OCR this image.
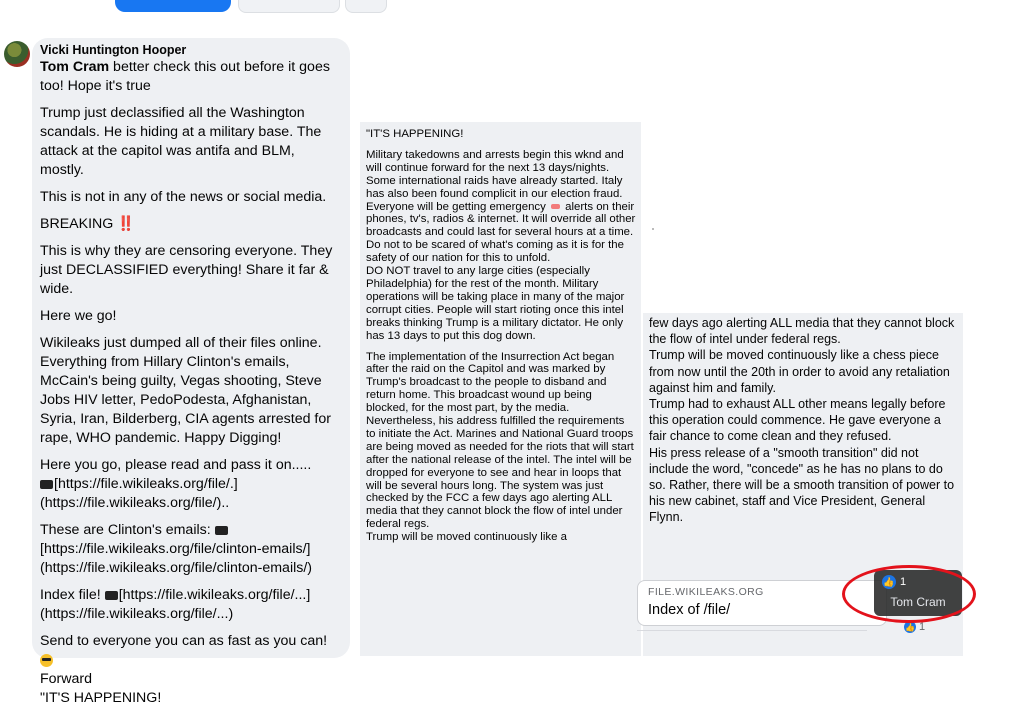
Vicki Huntington Hooper

Tom Cram better check this out before it goes too! Hope it's true

Trump just declassified all the Washington scandals. He is hiding at a military base. The attack at the capitol was antifa and BLM, mostly.

This is not in any of the news or social media.

BREAKING ‼️

This is why they are censoring everyone. They just DECLASSIFIED everything! Share it far & wide.

Here we go!

Wikileaks just dumped all of their files online. Everything from Hillary Clinton's emails, McCain's being guilty, Vegas shooting, Steve Jobs HIV letter, PedoPodesta, Afghanistan, Syria, Iran, Bilderberg, CIA agents arrested for rape, WHO pandemic. Happy Digging!

Here you go, please read and pass it on.....
[https://file.wikileaks.org/file/.]
(https://file.wikileaks.org/file/)..

These are Clinton's emails:
[https://file.wikileaks.org/file/clinton-emails/]
(https://file.wikileaks.org/file/clinton-emails/)

Index file! [https://file.wikileaks.org/file/...]
(https://file.wikileaks.org/file/...)

Send to everyone you can as fast as you can!

Forward
"IT'S HAPPENING!

"IT'S HAPPENING!

Military takedowns and arrests begin this wknd and will continue forward for the next 13 days/nights. Some international raids have already started. Italy has also been found complicit in our election fraud.

Everyone will be getting emergency alerts on their phones, tv's, radios & internet. It will override all other broadcasts and could last for several hours at a time. Do not to be scared of what's coming as it is for the safety of our nation for this to unfold.

DO NOT travel to any large cities (especially Philadelphia) for the rest of the month. Military operations will be taking place in many of the major corrupt cities. People will start rioting once this intel breaks thinking Trump is a military dictator. He only has 13 days to put this dog down.

The implementation of the Insurrection Act began after the raid on the Capitol and was marked by Trump's broadcast to the people to disband and return home. This broadcast wound up being blocked, for the most part, by the media. Nevertheless, his address fulfilled the requirements to initiate the Act. Marines and National Guard troops are being moved as needed for the riots that will start after the national release of the intel. The intel will be dropped for everyone to see and hear in loops that will be several hours long. The system was just checked by the FCC a few days ago alerting ALL media that they cannot block the flow of intel under federal regs.

Trump will be moved continuously like a

few days ago alerting ALL media that they cannot block the flow of intel under federal regs.

Trump will be moved continuously like a chess piece from now until the 20th in order to avoid any retaliation against him and family.

Trump had to exhaust ALL other means legally before this operation could commence. He gave everyone a fair chance to come clean and they refused.

His press release of a "smooth transition" did not include the word, "concede" as he has no plans to do so. Rather, there will be a smooth transition of power to his new cabinet, staff and Vice President, General Flynn.

FILE.WIKILEAKS.ORG
Index of /file/
👍 1
Tom Cram
👍 1
